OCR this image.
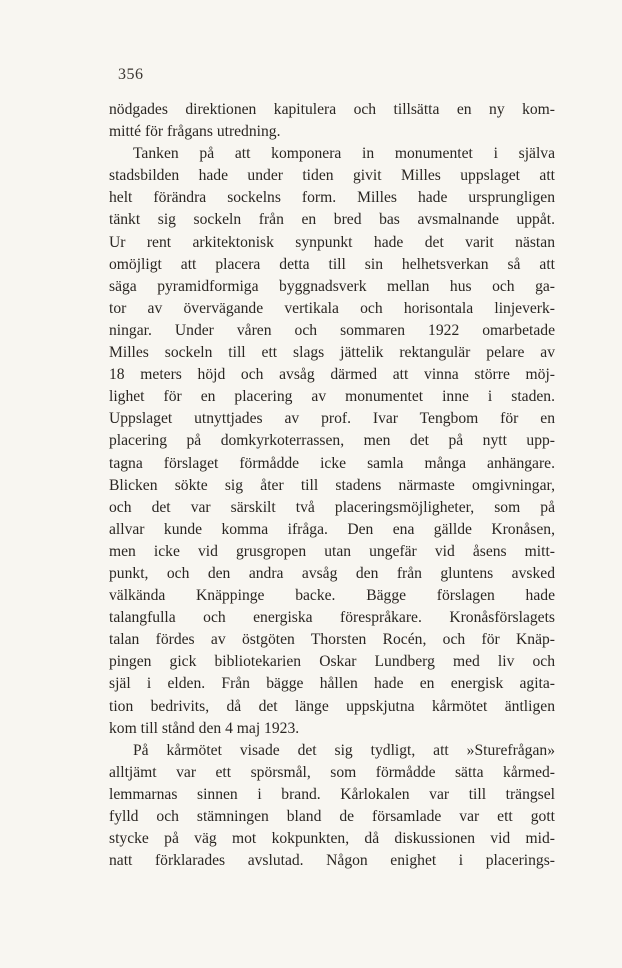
356
nödgades direktionen kapitulera och tillsätta en ny kom-
mitté för frågans utredning.
Tanken på att komponera in monumentet i själva
stadsbilden hade under tiden givit Milles uppslaget att
helt förändra sockelns form. Milles hade ursprungligen
tänkt sig sockeln från en bred bas avsmalnande uppåt.
Ur rent arkitektonisk synpunkt hade det varit nästan
omöjligt att placera detta till sin helhetsverkan så att
säga pyramidformiga byggnadsverk mellan hus och ga-
tor av övervägande vertikala och horisontala linjeverk-
ningar. Under våren och sommaren 1922 omarbetade
Milles sockeln till ett slags jättelik rektangulär pelare av
18 meters höjd och avsåg därmed att vinna större möj-
lighet för en placering av monumentet inne i staden.
Uppslaget utnyttjades av prof. Ivar Tengbom för en
placering på domkyrkoterrassen, men det på nytt upp-
tagna förslaget förmådde icke samla många anhängare.
Blicken sökte sig åter till stadens närmaste omgivningar,
och det var särskilt två placeringsmöjligheter, som på
allvar kunde komma ifråga. Den ena gällde Kronåsen,
men icke vid grusgropen utan ungefär vid åsens mitt-
punkt, och den andra avsåg den från gluntens avsked
välkända Knäppinge backe. Bägge förslagen hade
talangfulla och energiska förespråkare. Kronåsförslagets
talan fördes av östgöten Thorsten Rocén, och för Knäp-
pingen gick bibliotekarien Oskar Lundberg med liv och
själ i elden. Från bägge hållen hade en energisk agita-
tion bedrivits, då det länge uppskjutna kårmötet äntligen
kom till stånd den 4 maj 1923.
På kårmötet visade det sig tydligt, att »Sturefrågan»
alltjämt var ett spörsmål, som förmådde sätta kårmed-
lemmarnas sinnen i brand. Kårlokalen var till trängsel
fylld och stämningen bland de församlade var ett gott
stycke på väg mot kokpunkten, då diskussionen vid mid-
natt förklarades avslutad. Någon enighet i placerings-
